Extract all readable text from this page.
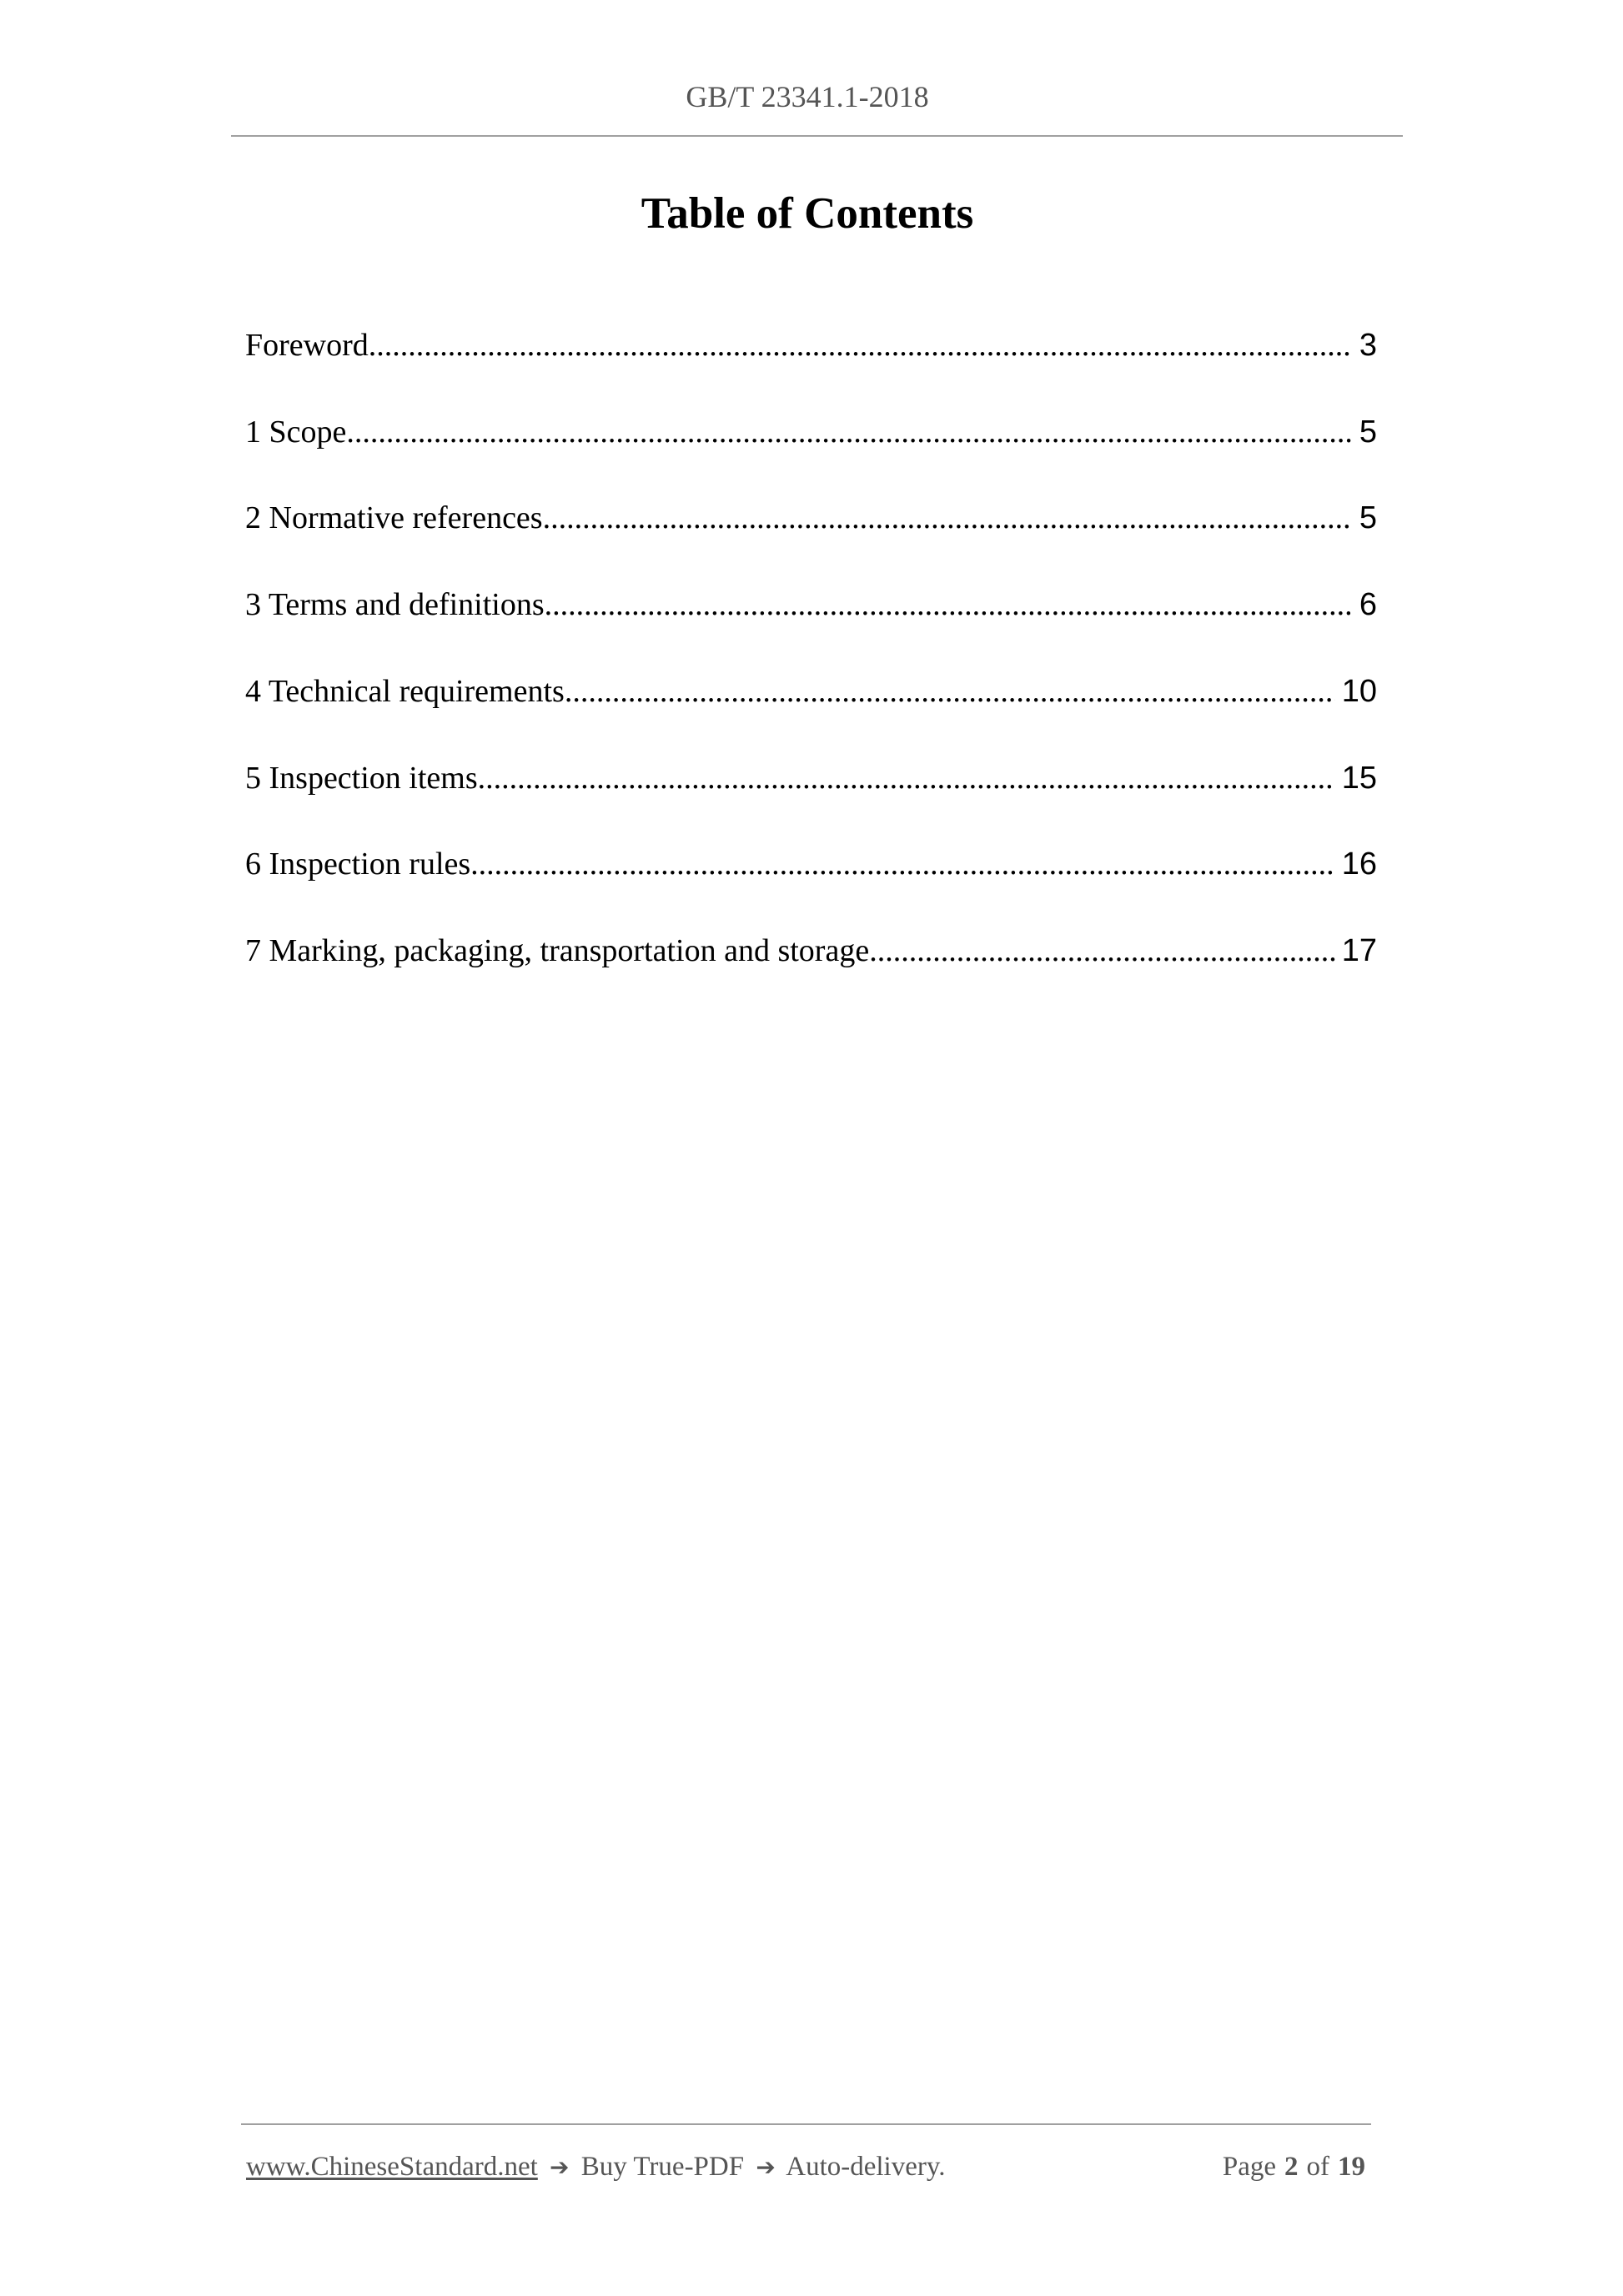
GB/T 23341.1-2018
Table of Contents
Foreword .....	3
1 Scope .....	5
2 Normative references .....	5
3 Terms and definitions .....	6
4 Technical requirements .....	10
5 Inspection items .....	15
6 Inspection rules .....	16
7 Marking, packaging, transportation and storage .....	17
www.ChineseStandard.net ➔ Buy True-PDF ➔ Auto-delivery.	Page 2 of 19
